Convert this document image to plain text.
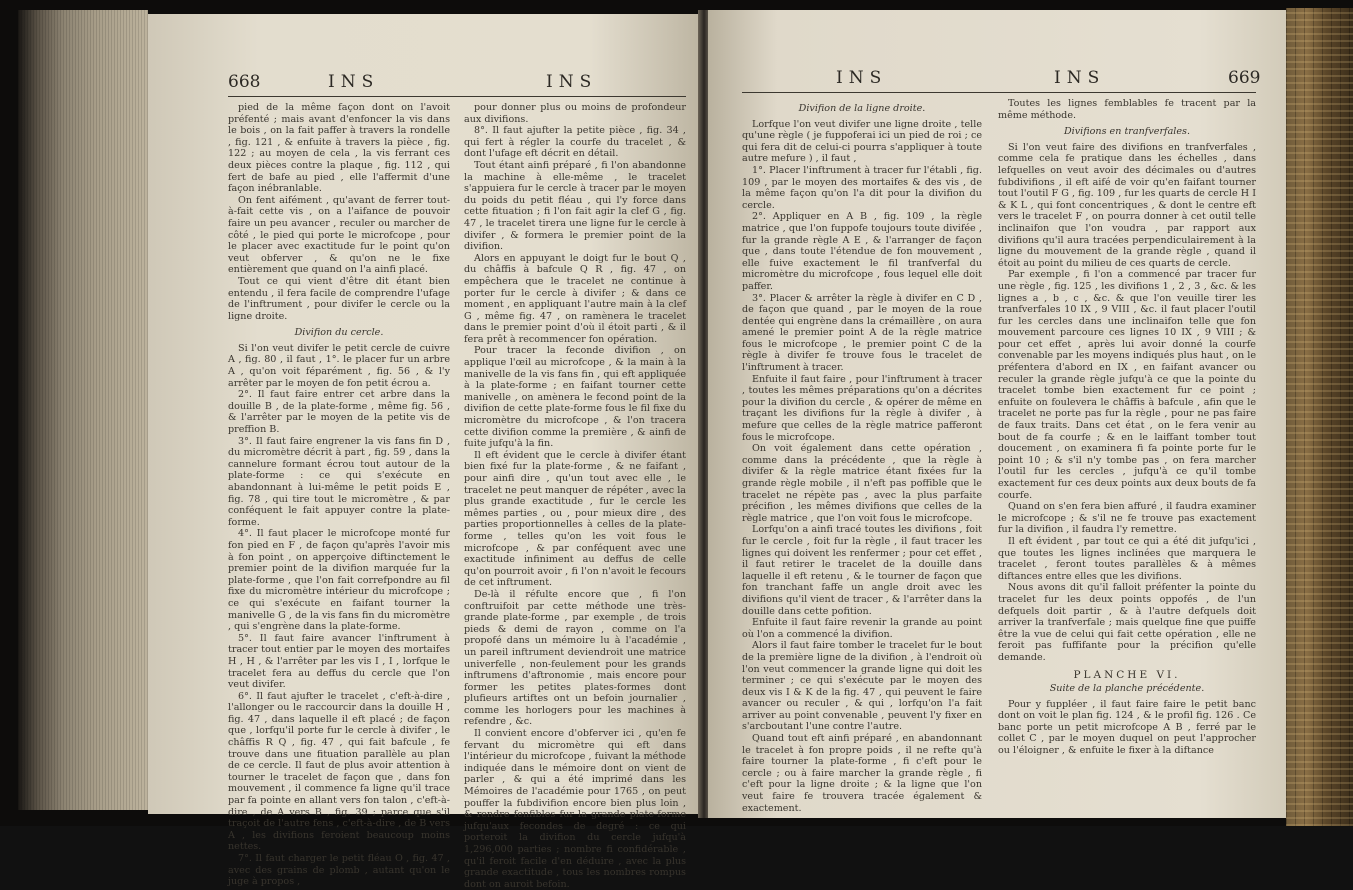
668	INS	INS

pied de la même façon dont on l'avoit préfenté ; mais avant d'enfoncer la vis dans le bois , on la fait paffer à travers la rondelle , fig. 121 , & enfuite à travers la pièce , fig. 122 ; au moyen de cela , la vis ferrant ces deux pièces contre la plaque , fig. 112 , qui fert de bafe au pied , elle l'affermit d'une façon inébranlable.

On fent aifément , qu'avant de ferrer tout-à-fait cette vis , on a l'aifance de pouvoir faire un peu avancer , reculer ou marcher de côté , le pied qui porte le microfcope , pour le placer avec exactitude fur le point qu'on veut obferver , & qu'on ne le fixe entièrement que quand on l'a ainfi placé.

Tout ce qui vient d'être dit étant bien entendu , il fera facile de comprendre l'ufage de l'inftrument , pour divifer le cercle ou la ligne droite.

Divifion du cercle.

Si l'on veut divifer le petit cercle de cuivre A , fig. 80 , il faut , 1°. le placer fur un arbre A , qu'on voit féparément , fig. 56 , & l'y arrêter par le moyen de fon petit écrou a.

2°. Il faut faire entrer cet arbre dans la douille B , de la plate-forme , même fig. 56 , & l'arrêter par le moyen de la petite vis de preffion B.

3°. Il faut faire engrener la vis fans fin D , du micromètre décrit à part , fig. 59 , dans la cannelure formant écrou tout autour de la plate-forme : ce qui s'exécute en abandonnant à lui-même le petit poids E , fig. 78 , qui tire tout le micromètre , & par conféquent le fait appuyer contre la plate-forme.

4°. Il faut placer le microfcope monté fur fon pied en F , de façon qu'après l'avoir mis à fon point , on apperçoive diftinctement le premier point de la divifion marquée fur la plate-forme , que l'on fait correfpondre au fil fixe du micromètre intérieur du microfcope ; ce qui s'exécute en faifant tourner la manivelle G , de la vis fans fin du micromètre , qui s'engrène dans la plate-forme.

5°. Il faut faire avancer l'inftrument à tracer tout entier par le moyen des mortaifes H , H , & l'arrêter par les vis I , I , lorfque le tracelet fera au deffus du cercle que l'on veut divifer.

6°. Il faut ajufter le tracelet , c'eft-à-dire , l'allonger ou le raccourcir dans la douille H , fig. 47 , dans laquelle il eft placé ; de façon que , lorfqu'il porte fur le cercle à divifer , le châffis R Q , fig. 47 , qui fait bafcule , fe trouve dans une fituation parallèle au plan de ce cercle. Il faut de plus avoir attention à tourner le tracelet de façon que , dans fon mouvement , il commence fa ligne qu'il trace par fa pointe en allant vers fon talon , c'eft-à-dire , de A vers B , fig. 39 ; parce que s'il traçoit de l'autre fens , c'eft-à-dire , de B vers A , les divifions feroient beaucoup moins nettes.

7°. Il faut charger le petit fléau O , fig. 47 , avec des grains de plomb , autant qu'on le juge à propos ,

pour donner plus ou moins de profondeur aux divifions.

8°. Il faut ajufter la petite pièce , fig. 34 , qui fert à régler la courfe du tracelet , & dont l'ufage eft décrit en détail.

Tout étant ainfi préparé , fi l'on abandonne la machine à elle-même , le tracelet s'appuiera fur le cercle à tracer par le moyen du poids du petit fléau , qui l'y force dans cette fituation ; fi l'on fait agir la clef G , fig. 47 , le tracelet tirera une ligne fur le cercle à divifer , & formera le premier point de la divifion.

Alors en appuyant le doigt fur le bout Q , du châffis à bafcule Q R , fig. 47 , on empêchera que le tracelet ne continue à porter fur le cercle à divifer ; & dans ce moment , en appliquant l'autre main à la clef G , même fig. 47 , on ramènera le tracelet dans le premier point d'où il étoit parti , & il fera prêt à recommencer fon opération.

Pour tracer la feconde divifion , on applique l'œil au microfcope , & la main à la manivelle de la vis fans fin , qui eft appliquée à la plate-forme ; en faifant tourner cette manivelle , on amènera le fecond point de la divifion de cette plate-forme fous le fil fixe du micromètre du microfcope , & l'on tracera cette divifion comme la première , & ainfi de fuite jufqu'à la fin.

Il eft évident que le cercle à divifer étant bien fixé fur la plate-forme , & ne faifant , pour ainfi dire , qu'un tout avec elle , le tracelet ne peut manquer de répéter , avec la plus grande exactitude , fur le cercle les mêmes parties , ou , pour mieux dire , des parties proportionnelles à celles de la plate-forme , telles qu'on les voit fous le microfcope , & par conféquent avec une exactitude infiniment au deffus de celle qu'on pourroit avoir , fi l'on n'avoit le fecours de cet inftrument.

De-là il réfulte encore que , fi l'on conftruifoit par cette méthode une très-grande plate-forme , par exemple , de trois pieds & demi de rayon , comme on l'a propofé dans un mémoire lu à l'académie , un pareil inftrument deviendroit une matrice univerfelle , non-feulement pour les grands inftrumens d'aftronomie , mais encore pour former les petites plates-formes dont plufieurs artiftes ont un befoin journalier , comme les horlogers pour les machines à refendre , &c.

Il convient encore d'obferver ici , qu'en fe fervant du micromètre qui eft dans l'intérieur du microfcope , fuivant la méthode indiquée dans le mémoire dont on vient de parler , & qui a été imprimé dans les Mémoires de l'académie pour 1765 , on peut pouffer la fubdivifion encore bien plus loin , & rendre fenfibles fur la grande plate-forme jufqu'aux fecondes de degré : ce qui porteroit la divifion du cercle jufqu'à 1,296,000 parties ; nombre fi confidérable , qu'il feroit facile d'en déduire , avec la plus grande exactitude , tous les nombres rompus dont on auroit befoin.

INS	INS	669

Divifion de la ligne droite.

Lorfque l'on veut divifer une ligne droite , telle qu'une règle ( je fuppoferai ici un pied de roi ; ce qui fera dit de celui-ci pourra s'appliquer à toute autre mefure ) , il faut ,

1°. Placer l'inftrument à tracer fur l'établi , fig. 109 , par le moyen des mortaifes & des vis , de la même façon qu'on l'a dit pour la divifion du cercle.

2°. Appliquer en A B , fig. 109 , la règle matrice , que l'on fuppofe toujours toute divifée , fur la grande règle A E , & l'arranger de façon que , dans toute l'étendue de fon mouvement , elle fuive exactement le fil tranfverfal du micromètre du microfcope , fous lequel elle doit paffer.

3°. Placer & arrêter la règle à divifer en C D , de façon que quand , par le moyen de la roue dentée qui engrène dans la crémaillère , on aura amené le premier point A de la règle matrice fous le microfcope , le premier point C de la règle à divifer fe trouve fous le tracelet de l'inftrument à tracer.

Enfuite il faut faire , pour l'inftrument à tracer , toutes les mêmes préparations qu'on a décrites pour la divifion du cercle , & opérer de même en traçant les divifions fur la règle à divifer , à mefure que celles de la règle matrice pafferont fous le microfcope.

On voit également dans cette opération , comme dans la précédente , que la règle à divifer & la règle matrice étant fixées fur la grande règle mobile , il n'eft pas poffible que le tracelet ne répète pas , avec la plus parfaite précifion , les mêmes divifions que celles de la règle matrice , que l'on voit fous le microfcope.

Lorfqu'on a ainfi tracé toutes les divifions , foit fur le cercle , foit fur la règle , il faut tracer les lignes qui doivent les renfermer ; pour cet effet , il faut retirer le tracelet de la douille dans laquelle il eft retenu , & le tourner de façon que fon tranchant faffe un angle droit avec les divifions qu'il vient de tracer , & l'arrêter dans la douille dans cette pofition.

Enfuite il faut faire revenir la grande au point où l'on a commencé la divifion.

Alors il faut faire tomber le tracelet fur le bout de la première ligne de la divifion , à l'endroit où l'on veut commencer la grande ligne qui doit les terminer ; ce qui s'exécute par le moyen des deux vis I & K de la fig. 47 , qui peuvent le faire avancer ou reculer , & qui , lorfqu'on l'a fait arriver au point convenable , peuvent l'y fixer en s'arcboutant l'une contre l'autre.

Quand tout eft ainfi préparé , en abandonnant le tracelet à fon propre poids , il ne refte qu'à faire tourner la plate-forme , fi c'eft pour le cercle ; ou à faire marcher la grande règle , fi c'eft pour la ligne droite ; & la ligne que l'on veut faire fe trouvera tracée également & exactement.

Toutes les lignes femblables fe tracent par la même méthode.

Divifions en tranfverfales.

Si l'on veut faire des divifions en tranfverfales , comme cela fe pratique dans les échelles , dans lefquelles on veut avoir des décimales ou d'autres fubdivifions , il eft aifé de voir qu'en faifant tourner tout l'outil F G , fig. 109 , fur les quarts de cercle H I & K L , qui font concentriques , & dont le centre eft vers le tracelet F , on pourra donner à cet outil telle inclinaifon que l'on voudra , par rapport aux divifions qu'il aura tracées perpendiculairement à la ligne du mouvement de la grande règle , quand il étoit au point du milieu de ces quarts de cercle.

Par exemple , fi l'on a commencé par tracer fur une règle , fig. 125 , les divifions 1 , 2 , 3 , &c. & les lignes a , b , c , &c. & que l'on veuille tirer les tranfverfales 10 IX , 9 VIII , &c. il faut placer l'outil fur les cercles dans une inclinaifon telle que fon mouvement parcoure ces lignes 10 IX , 9 VIII ; & pour cet effet , après lui avoir donné la courfe convenable par les moyens indiqués plus haut , on le préfentera d'abord en IX , en faifant avancer ou reculer la grande règle jufqu'à ce que la pointe du tracelet tombe bien exactement fur ce point ; enfuite on foulevera le châffis à bafcule , afin que le tracelet ne porte pas fur la règle , pour ne pas faire de faux traits. Dans cet état , on le fera venir au bout de fa courfe ; & en le laiffant tomber tout doucement , on examinera fi fa pointe porte fur le point 10 ; & s'il n'y tombe pas , on fera marcher l'outil fur les cercles , jufqu'à ce qu'il tombe exactement fur ces deux points aux deux bouts de fa courfe.

Quand on s'en fera bien affuré , il faudra examiner le microfcope ; & s'il ne fe trouve pas exactement fur la divifion , il faudra l'y remettre.

Il eft évident , par tout ce qui a été dit jufqu'ici , que toutes les lignes inclinées que marquera le tracelet , feront toutes parallèles & à mêmes diftances entre elles que les divifions.

Nous avons dit qu'il falloit préfenter la pointe du tracelet fur les deux points oppofés , de l'un defquels doit partir , & à l'autre defquels doit arriver la tranfverfale ; mais quelque fine que puiffe être la vue de celui qui fait cette opération , elle ne feroit pas fuffifante pour la précifion qu'elle demande.

PLANCHE VI.

Suite de la planche précédente.

Pour y fuppléer , il faut faire faire le petit banc dont on voit le plan fig. 124 , & le profil fig. 126 . Ce banc porte un petit microfcope A B , ferré par le collet C , par le moyen duquel on peut l'approcher ou l'éloigner , & enfuite le fixer à la diftance
